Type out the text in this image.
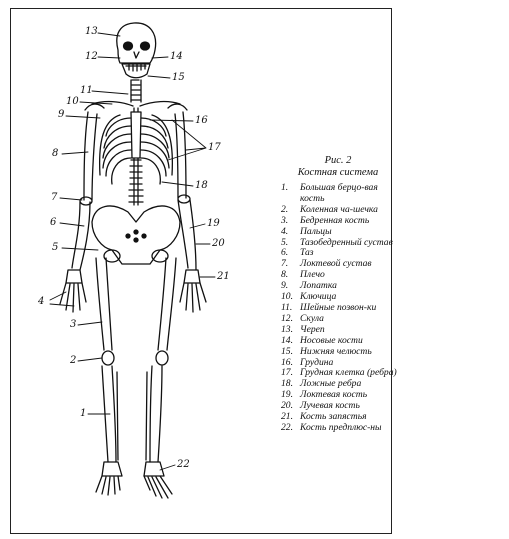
13
12	14
15
11
10
9
16
8
17
18
7
6	19
5	20
21
4
3
2
1
22
Рис. 2
Костная система
1.	Большая берцо-вая кость
2.	Коленная ча-шечка
3.	Бедренная кость
4.	Пальцы
5.	Тазобедренный сустав
6.	Таз
7.	Локтевой сустав
8.	Плечо
9.	Лопатка
10. Ключица
11. Шейные позвон-ки
12. Скула
13. Череп
14. Носовые кости
15. Нижняя челюсть
16. Грудина
17. Грудная клетка (ребра)
18. Ложные ребра
19. Локтевая кость
20. Лучевая кость
21. Кость запястья
22. Кость предплюс-ны
